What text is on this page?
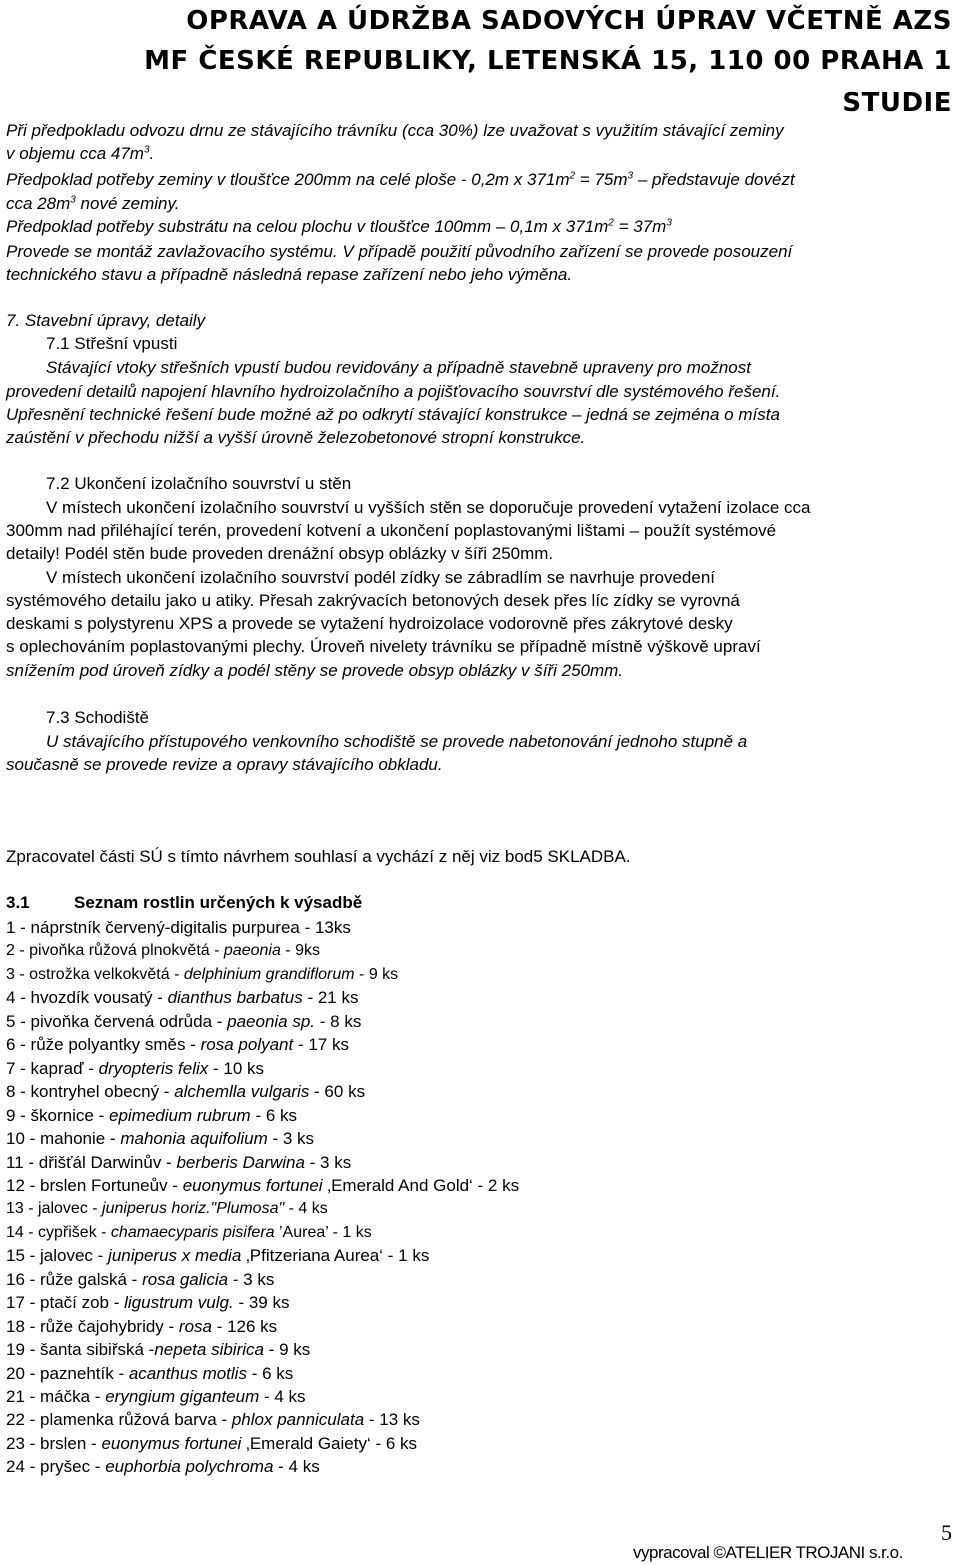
OPRAVA A ÚDRŽBA SADOVÝCH ÚPRAV VČETNĚ AZS
MF ČESKÉ REPUBLIKY, LETENSKÁ 15, 110 00 PRAHA 1
STUDIE
Při předpokladu odvozu drnu ze stávajícího trávníku (cca 30%) lze uvažovat s využitím stávající zeminy
v objemu cca $47m^3$.
Předpoklad potřeby zeminy v tloušťce 200mm na celé ploše - 0,2m x $371m^2 = 75m^3$ – představuje dovézt
cca $28m^3$ nové zeminy.
Předpoklad potřeby substrátu na celou plochu v tloušťce 100mm – 0,1m x $371m^2 = 37m^3$
Provede se montáž zavlažovacího systému. V případě použití původního zařízení se provede posouzení
technického stavu a případně následná repase zařízení nebo jeho výměna.
7. Stavební úpravy, detaily
7.1 Střešní vpusti
Stávající vtoky střešních vpustí budou revidovány a případně stavebně upraveny pro možnost
provedení detailů napojení hlavního hydroizolačního a pojišťovacího souvrství dle systémového řešení.
Upřesnění technické řešení bude možné až po odkrytí stávající konstrukce – jedná se zejména o místa
zaústění v přechodu nižší a vyšší úrovně železobetonové stropní konstrukce.
7.2 Ukončení izolačního souvrství u stěn
V místech ukončení izolačního souvrství u vyšších stěn se doporučuje provedení vytažení izolace cca
300mm nad přiléhající terén, provedení kotvení a ukončení poplastovanými lištami – použít systémové
detaily! Podél stěn bude proveden drenážní obsyp oblázky v šíři 250mm.
V místech ukončení izolačního souvrství podél zídky se zábradlím se navrhuje provedení
systémového detailu jako u atiky. Přesah zakrývacích betonových desek přes líc zídky se vyrovná
deskami s polystyrenu XPS a provede se vytažení hydroizolace vodorovně přes zákrytové desky
s oplechováním poplastovanými plechy. Úroveň nivelety trávníku se případně místně výškově upraví
snížením pod úroveň zídky a podél stěny se provede obsyp oblázky v šíři 250mm.
7.3 Schodiště
U stávajícího přístupového venkovního schodiště se provede nabetonování jednoho stupně a
současně se provede revize a opravy stávajícího obkladu.
Zpracovatel části SÚ s tímto návrhem souhlasí a vychází z něj viz bod5 SKLADBA.
3.1	Seznam rostlin určených k výsadbě
1 - náprstník červený-digitalis purpurea - 13ks
2 - pivoňka růžová plnokvětá - paeonia - 9ks
3 - ostrožka velkokvětá - delphinium grandiflorum - 9 ks
4 - hvozdík vousatý - dianthus barbatus - 21 ks
5 - pivoňka červená odrůda - paeonia sp. - 8 ks
6 - růže polyantky směs - rosa polyant - 17 ks
7 - kapraď - dryopteris felix - 10 ks
8 - kontryhel obecný - alchemlla vulgaris - 60 ks
9 - škornice - epimedium rubrum - 6 ks
10 - mahonie - mahonia aquifolium - 3 ks
11 - dřišťál Darwinův - berberis Darwina - 3 ks
12 - brslen Fortuneův - euonymus fortunei ‚Emerald And Gold‘ - 2 ks
13 - jalovec - juniperus horiz."Plumosa" - 4 ks
14 - cypřišek - chamaecyparis pisifera ’Aurea’ - 1 ks
15 - jalovec - juniperus x media ‚Pfitzeriana Aurea‘ - 1 ks
16 - růže galská - rosa galicia - 3 ks
17 - ptačí zob - ligustrum vulg. - 39 ks
18 - růže čajohybridy - rosa - 126 ks
19 - šanta sibiřská -nepeta sibirica - 9 ks
20 - paznehtík - acanthus motlis - 6 ks
21 - máčka - eryngium giganteum - 4 ks
22 - plamenka růžová barva - phlox panniculata - 13 ks
23 - brslen - euonymus fortunei ‚Emerald Gaiety‘ - 6 ks
24 - pryšec - euphorbia polychroma - 4 ks
vypracoval ©ATELIER TROJANI s.r.o.
5
